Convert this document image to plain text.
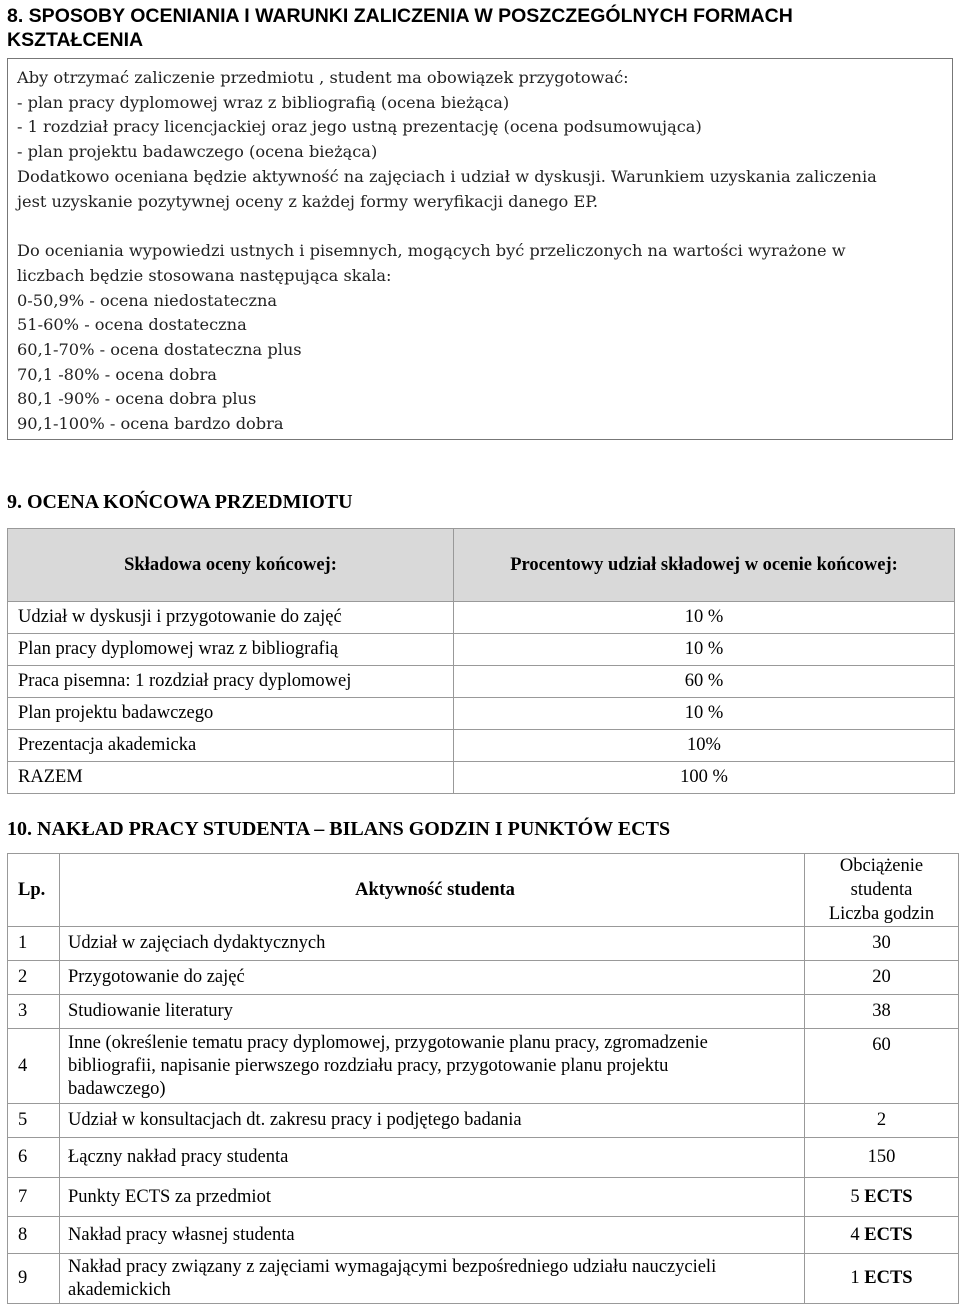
8. SPOSOBY OCENIANIA I WARUNKI ZALICZENIA W POSZCZEGÓLNYCH FORMACH
KSZTAŁCENIA
Aby otrzymać zaliczenie przedmiotu , student ma obowiązek przygotować:
- plan pracy dyplomowej wraz z bibliografią (ocena bieżąca)
- 1 rozdział pracy licencjackiej oraz jego ustną prezentację (ocena podsumowująca)
- plan projektu badawczego (ocena bieżąca)
Dodatkowo oceniana będzie aktywność na zajęciach i udział w dyskusji. Warunkiem uzyskania zaliczenia
jest uzyskanie pozytywnej oceny z każdej formy weryfikacji danego EP.
Do oceniania wypowiedzi ustnych i pisemnych, mogących być przeliczonych na wartości wyrażone w
liczbach będzie stosowana następująca skala:
0-50,9% - ocena niedostateczna
51-60% - ocena dostateczna
60,1-70% - ocena dostateczna plus
70,1 -80% - ocena dobra
80,1 -90% - ocena dobra plus
90,1-100% - ocena bardzo dobra
9. OCENA KOŃCOWA PRZEDMIOTU
Składowa oceny końcowej:	Procentowy udział składowej w ocenie końcowej:
Udział w dyskusji i przygotowanie do zajęć	10 %
Plan pracy dyplomowej wraz z bibliografią	10 %
Praca pisemna: 1 rozdział pracy dyplomowej	60 %
Plan projektu badawczego	10 %
Prezentacja akademicka	10%
RAZEM	100 %
10. NAKŁAD PRACY STUDENTA – BILANS GODZIN I PUNKTÓW ECTS
Lp.	Aktywność studenta	Obciążenie
studenta
Liczba godzin

1	Udział w zajęciach dydaktycznych	30
2	Przygotowanie do zajęć	20
3	Studiowanie literatury	38
4	Inne (określenie tematu pracy dyplomowej, przygotowanie planu pracy, zgromadzenie bibliografii, napisanie pierwszego rozdziału pracy, przygotowanie planu projektu badawczego)	60
5	Udział w konsultacjach dt. zakresu pracy i podjętego badania	2
6	Łączny nakład pracy studenta	150
7	Punkty ECTS za przedmiot	5 ECTS
8	Nakład pracy własnej studenta	4 ECTS
9	Nakład pracy związany z zajęciami wymagającymi bezpośredniego udziału nauczycieli akademickich	1 ECTS
